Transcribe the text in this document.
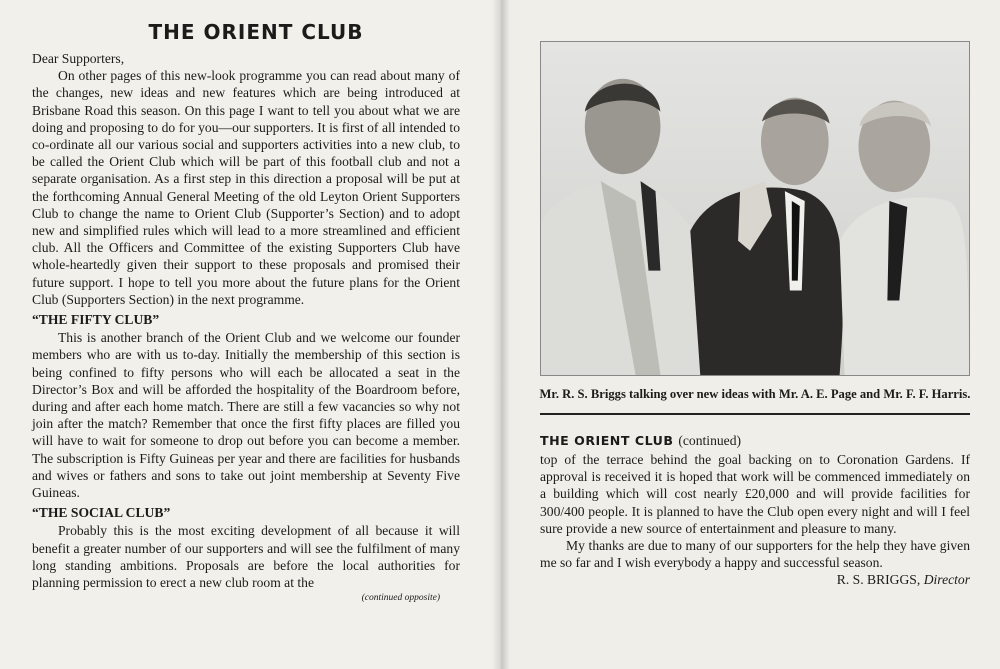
THE ORIENT CLUB

Dear Supporters,

On other pages of this new-look programme you can read about many of the changes, new ideas and new features which are being introduced at Brisbane Road this season. On this page I want to tell you about what we are doing and proposing to do for you—our supporters. It is first of all intended to co-ordinate all our various social and supporters activities into a new club, to be called the Orient Club which will be part of this football club and not a separate organisation. As a first step in this direction a proposal will be put at the forthcoming Annual General Meeting of the old Leyton Orient Supporters Club to change the name to Orient Club (Supporter’s Section) and to adopt new and simplified rules which will lead to a more streamlined and efficient club. All the Officers and Committee of the existing Supporters Club have whole-heartedly given their support to these proposals and promised their future support. I hope to tell you more about the future plans for the Orient Club (Supporters Section) in the next programme.

“THE FIFTY CLUB”

This is another branch of the Orient Club and we welcome our founder members who are with us to-day. Initially the membership of this section is being confined to fifty persons who will each be allocated a seat in the Director’s Box and will be afforded the hospitality of the Boardroom before, during and after each home match. There are still a few vacancies so why not join after the match? Remember that once the first fifty places are filled you will have to wait for someone to drop out before you can become a member. The subscription is Fifty Guineas per year and there are facilities for husbands and wives or fathers and sons to take out joint membership at Seventy Five Guineas.

“THE SOCIAL CLUB”

Probably this is the most exciting development of all because it will benefit a greater number of our supporters and will see the fulfilment of many long standing ambitions. Proposals are before the local authorities for planning permission to erect a new club room at the

(continued opposite)
Mr. R. S. Briggs talking over new ideas with Mr. A. E. Page and Mr. F. F. Harris.
THE ORIENT CLUB (continued)

top of the terrace behind the goal backing on to Coronation Gardens. If approval is received it is hoped that work will be commenced immediately on a building which will cost nearly £20,000 and will provide facilities for 300/400 people. It is planned to have the Club open every night and will I feel sure provide a new source of entertainment and pleasure to many.

My thanks are due to many of our supporters for the help they have given me so far and I wish everybody a happy and successful season.

R. S. BRIGGS, Director
